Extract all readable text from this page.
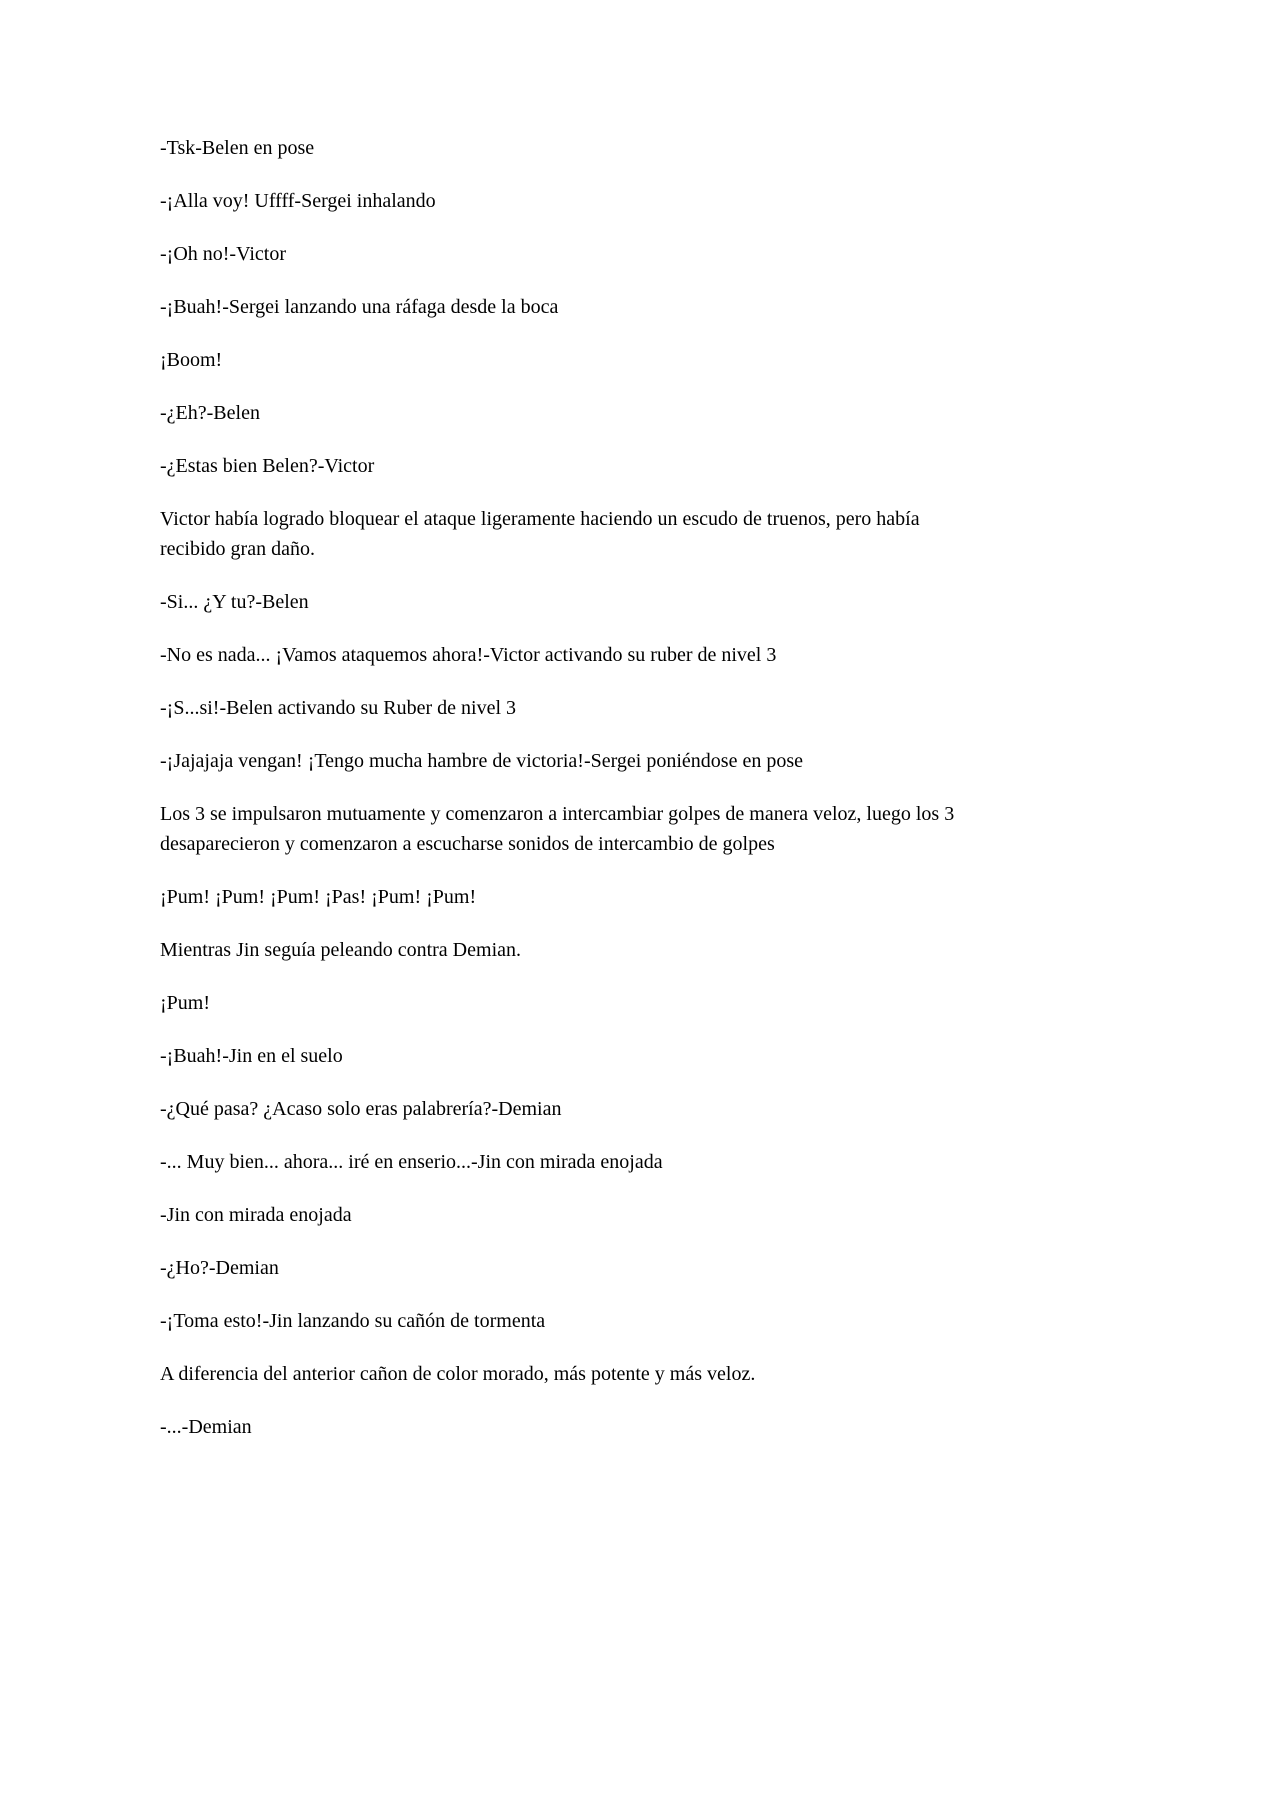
-Tsk-Belen en pose

-¡Alla voy! Uffff-Sergei inhalando

-¡Oh no!-Victor

-¡Buah!-Sergei lanzando una ráfaga desde la boca

¡Boom!

-¿Eh?-Belen

-¿Estas bien Belen?-Victor

Victor había logrado bloquear el ataque ligeramente haciendo un escudo de truenos, pero había recibido gran daño.

-Si... ¿Y tu?-Belen

-No es nada... ¡Vamos ataquemos ahora!-Victor activando su ruber de nivel 3

-¡S...si!-Belen activando su Ruber de nivel 3

-¡Jajajaja vengan! ¡Tengo mucha hambre de victoria!-Sergei poniéndose en pose

Los 3 se impulsaron mutuamente y comenzaron a intercambiar golpes de manera veloz, luego los 3 desaparecieron y comenzaron a escucharse sonidos de intercambio de golpes

¡Pum! ¡Pum! ¡Pum! ¡Pas! ¡Pum! ¡Pum!

Mientras Jin seguía peleando contra Demian.

¡Pum!

-¡Buah!-Jin en el suelo

-¿Qué pasa? ¿Acaso solo eras palabrería?-Demian

-... Muy bien... ahora... iré en enserio...-Jin con mirada enojada

-Jin con mirada enojada

-¿Ho?-Demian

-¡Toma esto!-Jin lanzando su cañón de tormenta

A diferencia del anterior cañon de color morado, más potente y más veloz.

-...-Demian
